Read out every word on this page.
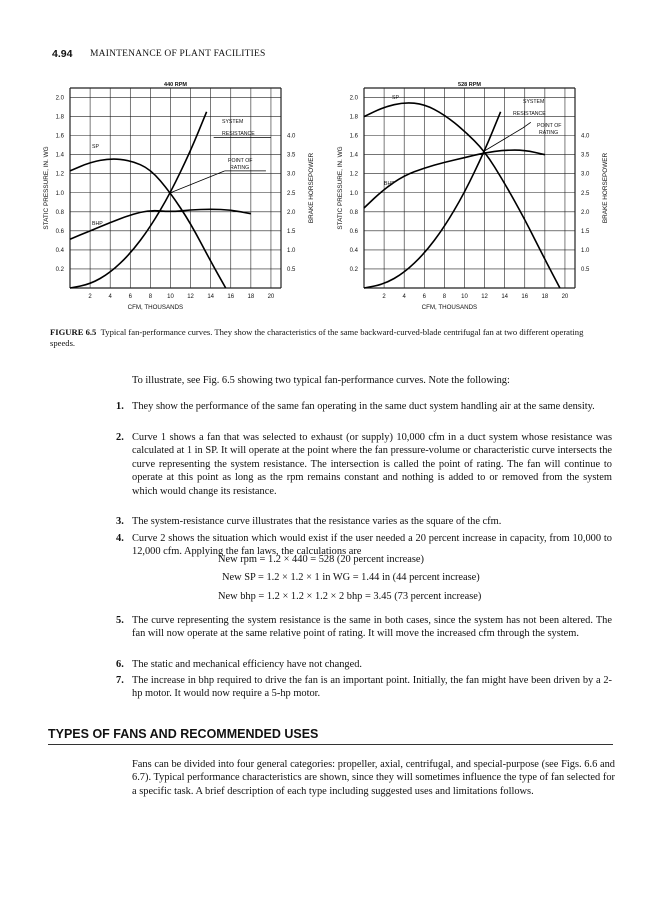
4.94 MAINTENANCE OF PLANT FACILITIES
440 RPM
2	4	6	8	10 12 14 16 18 20
CFM, THOUSANDS
0.2
0.4
0.6
0.8
1.0
1.2
1.4
1.6
1.8
2.0
STATIC PRESSURE, IN. WG
0.5
1.0
1.5
2.0
2.5
3.0
3.5
4.0
BRAKE HORSEPOWER
SYSTEM
RESISTANCE
POINT OF
RATING
SP
BHP
528 RPM
2	4	6	8	10 12 14 16 18 20
CFM, THOUSANDS
0.2
0.4
0.6
0.8
1.0
1.2
1.4
1.6
1.8
2.0
STATIC PRESSURE, IN. WG
0.5
1.0
1.5
2.0
2.5
3.0
3.5
4.0
BRAKE HORSEPOWER
SYSTEM
RESISTANCE
POINT OF
RATING
SP
BHP
FIGURE 6.5 Typical fan-performance curves. They show the characteristics of the same backward-curved-blade centrifugal fan at two different operating speeds.
To illustrate, see Fig. 6.5 showing two typical fan-performance curves. Note the following:
1. They show the performance of the same fan operating in the same duct system handling air at the same density.
2. Curve 1 shows a fan that was selected to exhaust (or supply) 10,000 cfm in a duct system whose resistance was calculated at 1 in SP. It will operate at the point where the fan pressure-volume or characteristic curve intersects the curve representing the system resistance. The intersection is called the point of rating. The fan will continue to operate at this point as long as the rpm remains constant and nothing is added to or removed from the system which would change its resistance.
3. The system-resistance curve illustrates that the resistance varies as the square of the cfm.
4. Curve 2 shows the situation which would exist if the user needed a 20 percent increase in capacity, from 10,000 to 12,000 cfm. Applying the fan laws, the calculations are
New rpm = 1.2 × 440 = 528 (20 percent increase)
New SP = 1.2 × 1.2 × 1 in WG = 1.44 in (44 percent increase)
New bhp = 1.2 × 1.2 × 1.2 × 2 bhp = 3.45 (73 percent increase)
5. The curve representing the system resistance is the same in both cases, since the system has not been altered. The fan will now operate at the same relative point of rating. It will move the increased cfm through the system.
6. The static and mechanical efficiency have not changed.
7. The increase in bhp required to drive the fan is an important point. Initially, the fan might have been driven by a 2-hp motor. It would now require a 5-hp motor.
TYPES OF FANS AND RECOMMENDED USES
Fans can be divided into four general categories: propeller, axial, centrifugal, and special-purpose (see Figs. 6.6 and 6.7). Typical performance characteristics are shown, since they will sometimes influence the type of fan selected for a specific task. A brief description of each type including suggested uses and limitations follows.
